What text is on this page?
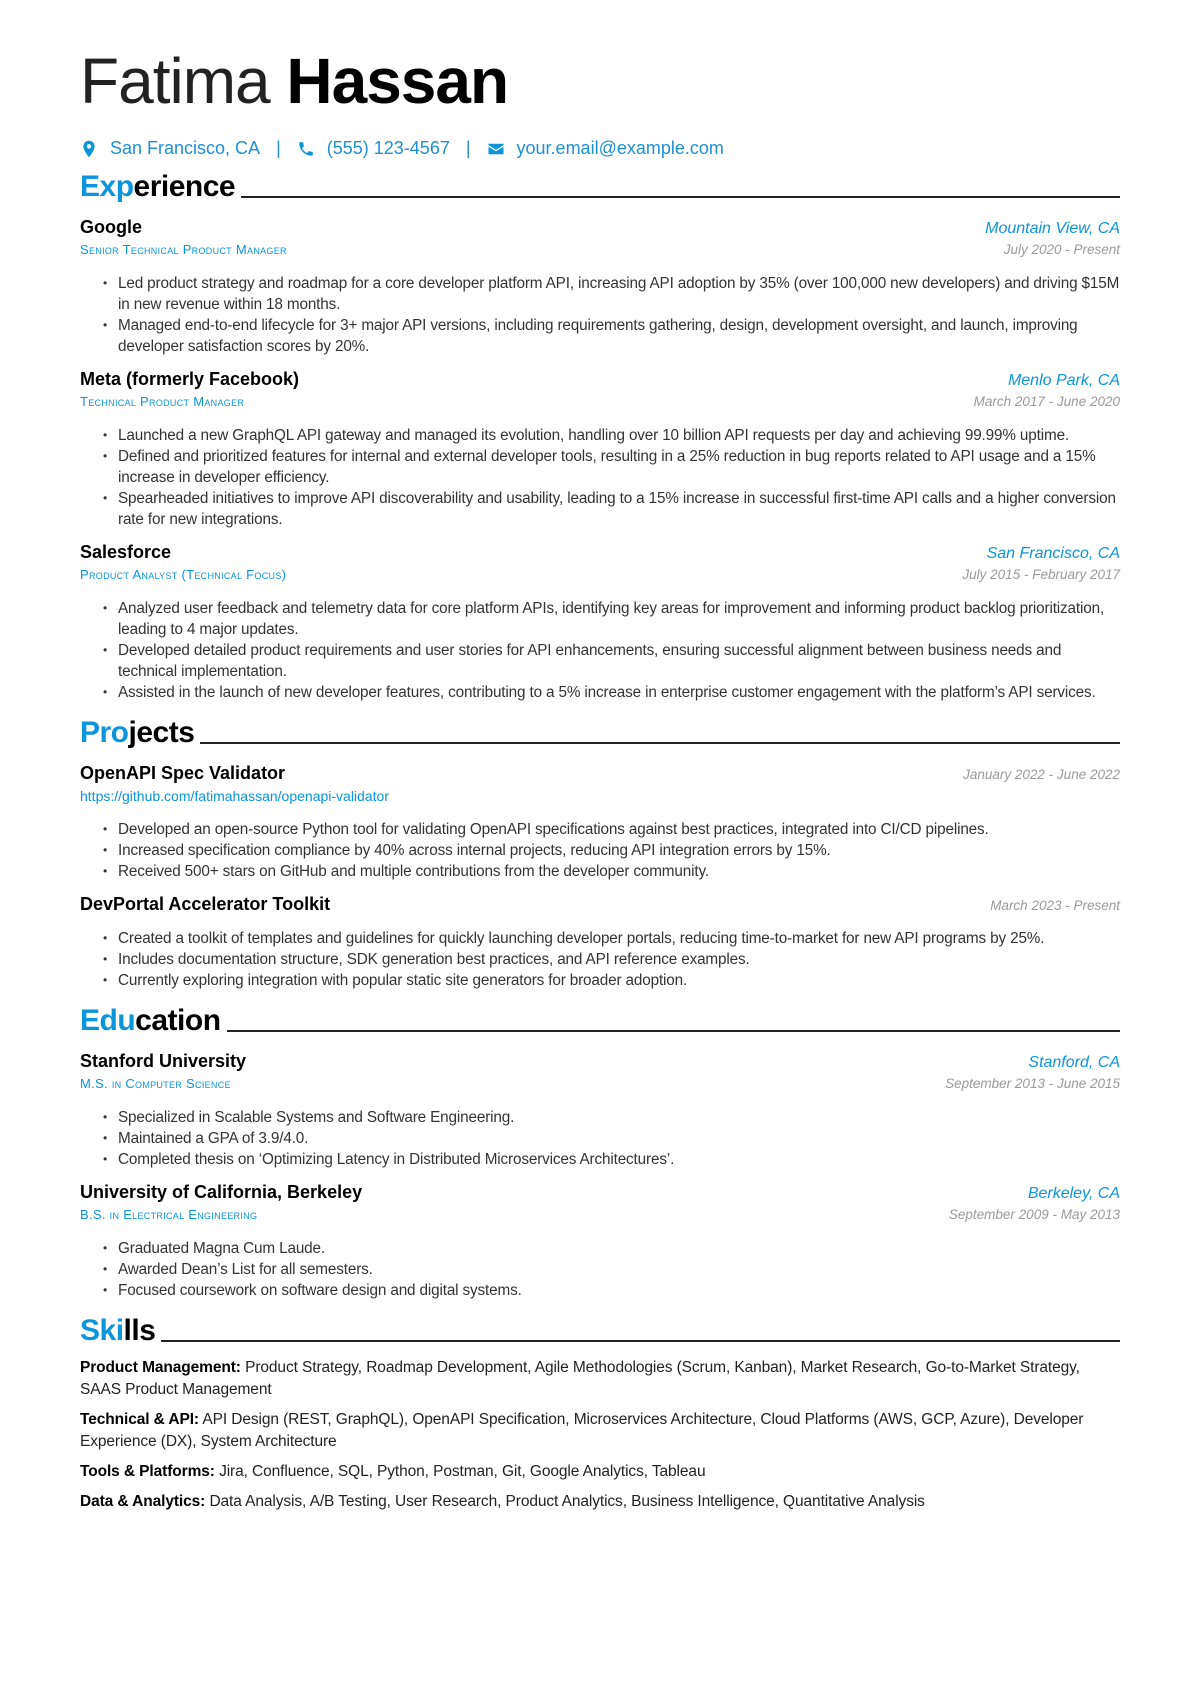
Fatima Hassan
San Francisco, CA |	(555) 123-4567 |	your.email@example.com
Experience
Google	Mountain View, CA
Senior Technical Product Manager	July 2020 - Present
• Led product strategy and roadmap for a core developer platform API, increasing API adoption by 35% (over 100,000 new developers) and driving $15M in new revenue within 18 months.
• Managed end-to-end lifecycle for 3+ major API versions, including requirements gathering, design, development oversight, and launch, improving developer satisfaction scores by 20%.
Meta (formerly Facebook)	Menlo Park, CA
Technical Product Manager	March 2017 - June 2020
• Launched a new GraphQL API gateway and managed its evolution, handling over 10 billion API requests per day and achieving 99.99% uptime.
• Defined and prioritized features for internal and external developer tools, resulting in a 25% reduction in bug reports related to API usage and a 15% increase in developer efficiency.
• Spearheaded initiatives to improve API discoverability and usability, leading to a 15% increase in successful first-time API calls and a higher conversion rate for new integrations.
Salesforce	San Francisco, CA
Product Analyst (Technical Focus)	July 2015 - February 2017
• Analyzed user feedback and telemetry data for core platform APIs, identifying key areas for improvement and informing product backlog prioritization, leading to 4 major updates.
• Developed detailed product requirements and user stories for API enhancements, ensuring successful alignment between business needs and technical implementation.
• Assisted in the launch of new developer features, contributing to a 5% increase in enterprise customer engagement with the platform’s API services.
Projects
OpenAPI Spec Validator	January 2022 - June 2022
https://github.com/fatimahassan/openapi-validator
• Developed an open-source Python tool for validating OpenAPI specifications against best practices, integrated into CI/CD pipelines.
• Increased specification compliance by 40% across internal projects, reducing API integration errors by 15%.
• Received 500+ stars on GitHub and multiple contributions from the developer community.
DevPortal Accelerator Toolkit	March 2023 - Present
• Created a toolkit of templates and guidelines for quickly launching developer portals, reducing time-to-market for new API programs by 25%.
• Includes documentation structure, SDK generation best practices, and API reference examples.
• Currently exploring integration with popular static site generators for broader adoption.
Education
Stanford University	Stanford, CA
M.S. in Computer Science	September 2013 - June 2015
• Specialized in Scalable Systems and Software Engineering.
• Maintained a GPA of 3.9/4.0.
• Completed thesis on ‘Optimizing Latency in Distributed Microservices Architectures’.
University of California, Berkeley	Berkeley, CA
B.S. in Electrical Engineering	September 2009 - May 2013
• Graduated Magna Cum Laude.
• Awarded Dean’s List for all semesters.
• Focused coursework on software design and digital systems.
Skills
Product Management: Product Strategy, Roadmap Development, Agile Methodologies (Scrum, Kanban), Market Research, Go-to-Market Strategy, SAAS Product Management
Technical & API: API Design (REST, GraphQL), OpenAPI Specification, Microservices Architecture, Cloud Platforms (AWS, GCP, Azure), Developer Experience (DX), System Architecture
Tools & Platforms: Jira, Confluence, SQL, Python, Postman, Git, Google Analytics, Tableau
Data & Analytics: Data Analysis, A/B Testing, User Research, Product Analytics, Business Intelligence, Quantitative Analysis
